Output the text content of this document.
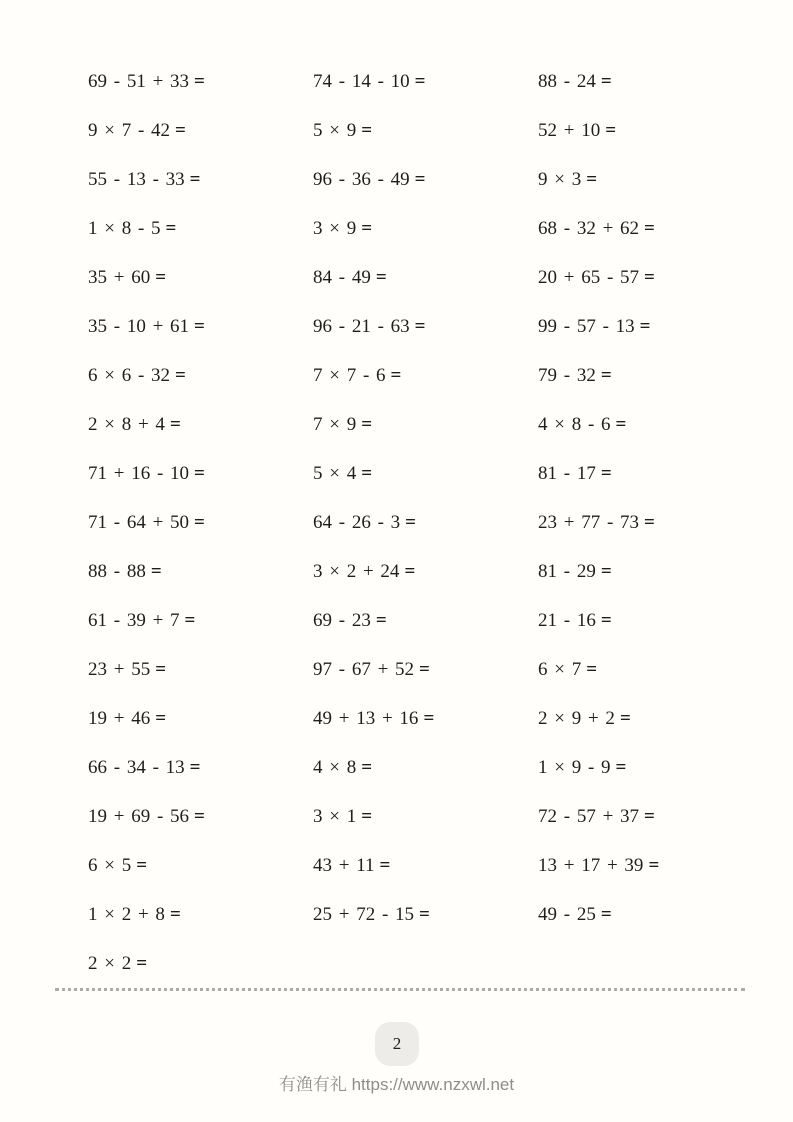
69 - 51 + 33 =	74 - 14 - 10 =	88 - 24 =
9 × 7 - 42 =	5 × 9 =	52 + 10 =
55 - 13 - 33 =	96 - 36 - 49 =	9 × 3 =
1 × 8 - 5 =	3 × 9 =	68 - 32 + 62 =
35 + 60 =	84 - 49 =	20 + 65 - 57 =
35 - 10 + 61 =	96 - 21 - 63 =	99 - 57 - 13 =
6 × 6 - 32 =	7 × 7 - 6 =	79 - 32 =
2 × 8 + 4 =	7 × 9 =	4 × 8 - 6 =
71 + 16 - 10 =	5 × 4 =	81 - 17 =
71 - 64 + 50 =	64 - 26 - 3 =	23 + 77 - 73 =
88 - 88 =	3 × 2 + 24 =	81 - 29 =
61 - 39 + 7 =	69 - 23 =	21 - 16 =
23 + 55 =	97 - 67 + 52 =	6 × 7 =
19 + 46 =	49 + 13 + 16 =	2 × 9 + 2 =
66 - 34 - 13 =	4 × 8 =	1 × 9 - 9 =
19 + 69 - 56 =	3 × 1 =	72 - 57 + 37 =
6 × 5 =	43 + 11 =	13 + 17 + 39 =
1 × 2 + 8 =	25 + 72 - 15 =	49 - 25 =
2 × 2 =
2
有渔有礼 https://www.nzxwl.net
